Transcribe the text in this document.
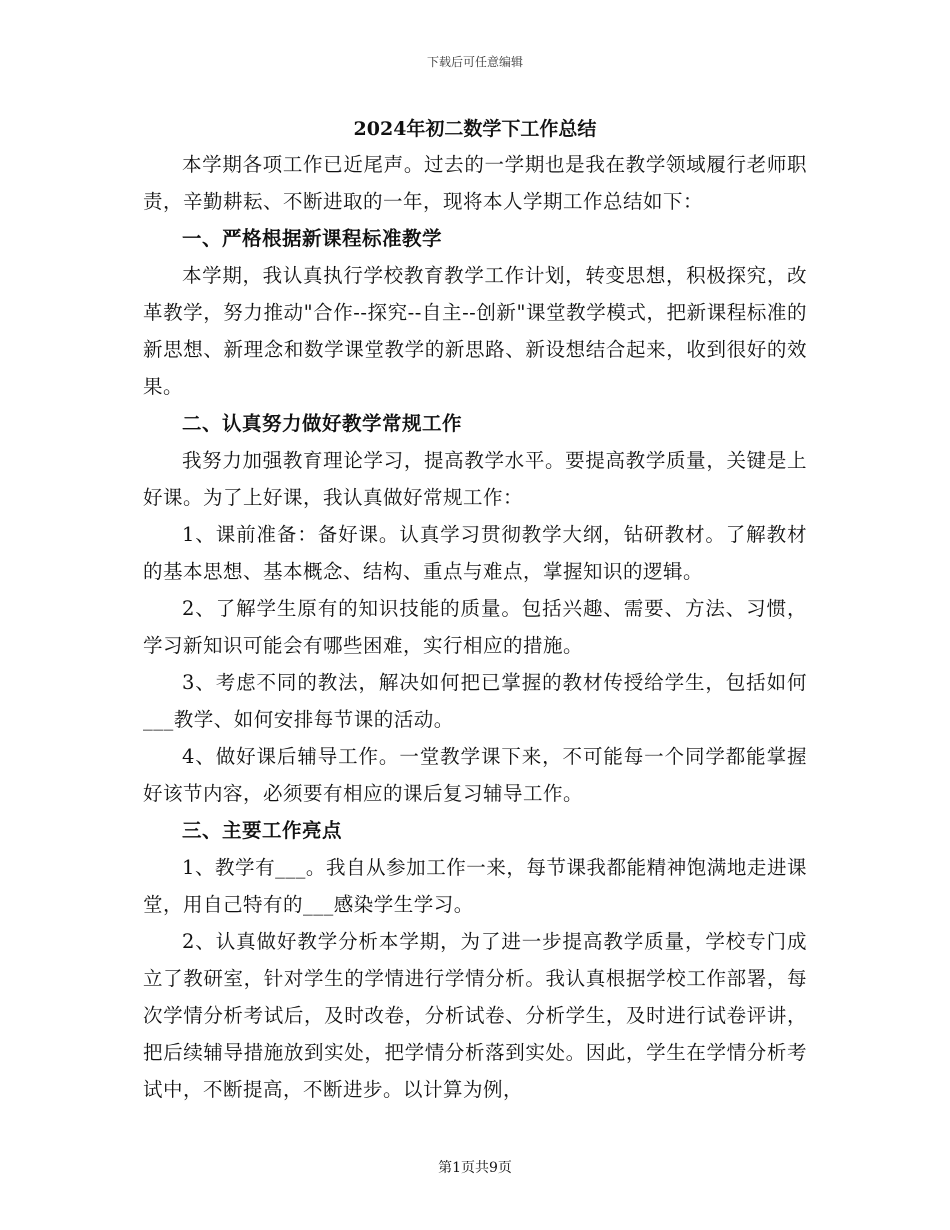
下载后可任意编辑
2024年初二数学下工作总结

本学期各项工作已近尾声。过去的一学期也是我在教学领域履行老师职责，辛勤耕耘、不断进取的一年，现将本人学期工作总结如下：

一、严格根据新课程标准教学

本学期，我认真执行学校教育教学工作计划，转变思想，积极探究，改革教学，努力推动"合作--探究--自主--创新"课堂教学模式，把新课程标准的新思想、新理念和数学课堂教学的新思路、新设想结合起来，收到很好的效果。

二、认真努力做好教学常规工作

我努力加强教育理论学习，提高教学水平。要提高教学质量，关键是上好课。为了上好课，我认真做好常规工作：

1、课前准备：备好课。认真学习贯彻教学大纲，钻研教材。了解教材的基本思想、基本概念、结构、重点与难点，掌握知识的逻辑。

2、了解学生原有的知识技能的质量。包括兴趣、需要、方法、习惯，学习新知识可能会有哪些困难，实行相应的措施。

3、考虑不同的教法，解决如何把已掌握的教材传授给学生，包括如何___教学、如何安排每节课的活动。

4、做好课后辅导工作。一堂教学课下来，不可能每一个同学都能掌握好该节内容，必须要有相应的课后复习辅导工作。

三、主要工作亮点

1、教学有___。我自从参加工作一来，每节课我都能精神饱满地走进课堂，用自己特有的___感染学生学习。

2、认真做好教学分析本学期，为了进一步提高教学质量，学校专门成立了教研室，针对学生的学情进行学情分析。我认真根据学校工作部署，每次学情分析考试后，及时改卷，分析试卷、分析学生，及时进行试卷评讲，把后续辅导措施放到实处，把学情分析落到实处。因此，学生在学情分析考试中，不断提高，不断进步。以计算为例，

第1页共9页
